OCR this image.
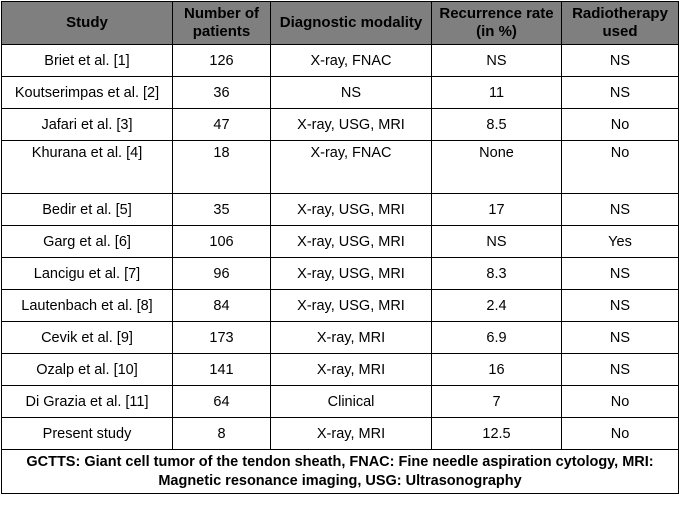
Study	Number of patients	Diagnostic modality	Recurrence rate (in %)	Radiotherapy used
Briet et al. [1]	126	X-ray, FNAC	NS	NS
Koutserimpas et al. [2]	36	NS	11	NS
Jafari et al. [3]	47	X-ray, USG, MRI	8.5	No
Khurana et al. [4]	18	X-ray, FNAC	None	No
Bedir et al. [5]	35	X-ray, USG, MRI	17	NS
Garg et al. [6]	106	X-ray, USG, MRI	NS	Yes
Lancigu et al. [7]	96	X-ray, USG, MRI	8.3	NS
Lautenbach et al. [8]	84	X-ray, USG, MRI	2.4	NS
Cevik et al. [9]	173	X-ray, MRI	6.9	NS
Ozalp et al. [10]	141	X-ray, MRI	16	NS
Di Grazia et al. [11]	64	Clinical	7	No
Present study	8	X-ray, MRI	12.5	No
GCTTS: Giant cell tumor of the tendon sheath, FNAC: Fine needle aspiration cytology, MRI: Magnetic resonance imaging, USG: Ultrasonography				
